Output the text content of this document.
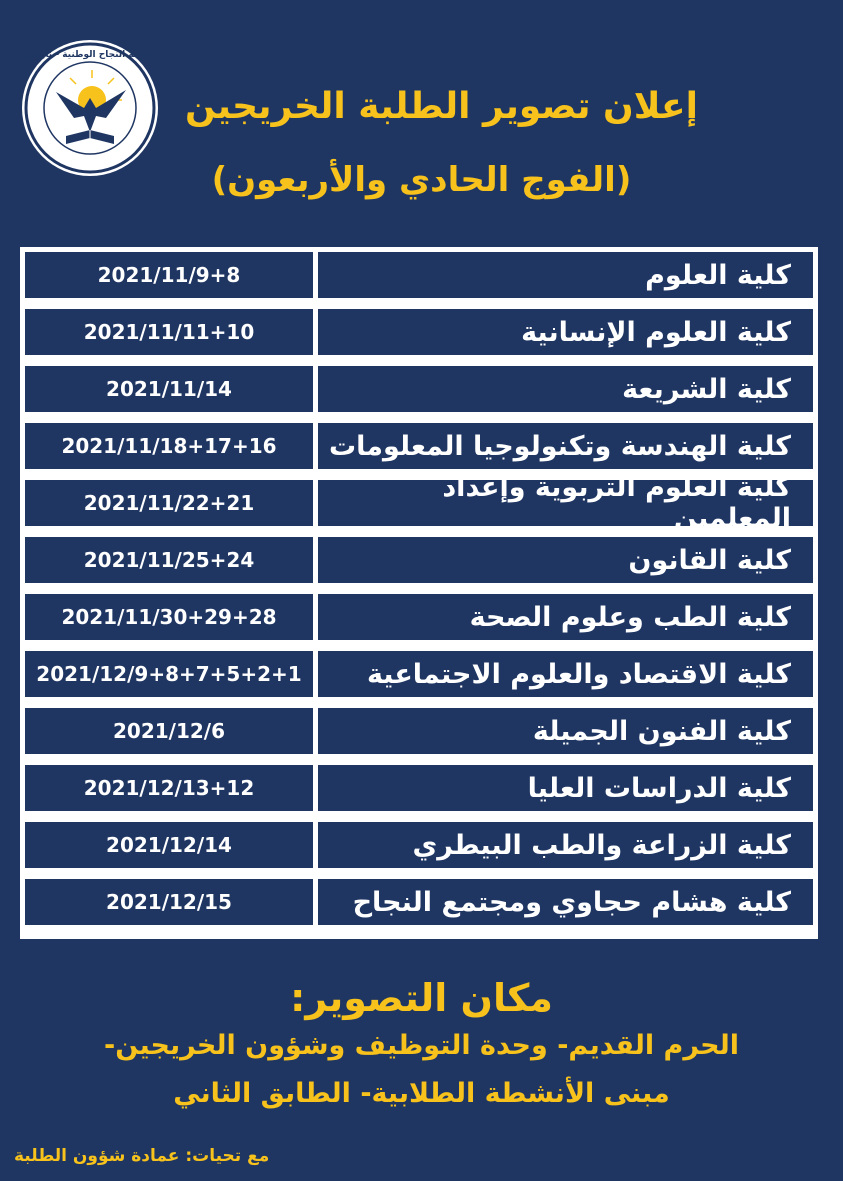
جامعة النجاح الوطنية - نابلس
إعلان تصوير الطلبة الخريجين
(الفوج الحادي والأربعون)
كلية العلوم
2021/11/9+8
كلية العلوم الإنسانية
2021/11/11+10
كلية الشريعة
2021/11/14
كلية الهندسة وتكنولوجيا المعلومات
2021/11/18+17+16
كلية العلوم التربوية وإعداد المعلمين
2021/11/22+21
كلية القانون
2021/11/25+24
كلية الطب وعلوم الصحة
2021/11/30+29+28
كلية الاقتصاد والعلوم الاجتماعية
2021/12/9+8+7+5+2+1
كلية الفنون الجميلة
2021/12/6
كلية الدراسات العليا
2021/12/13+12
كلية الزراعة والطب البيطري
2021/12/14
كلية هشام حجاوي ومجتمع النجاح
2021/12/15
مكان التصوير:
الحرم القديم- وحدة التوظيف وشؤون الخريجين-
مبنى الأنشطة الطلابية- الطابق الثاني
مع تحيات: عمادة شؤون الطلبة
